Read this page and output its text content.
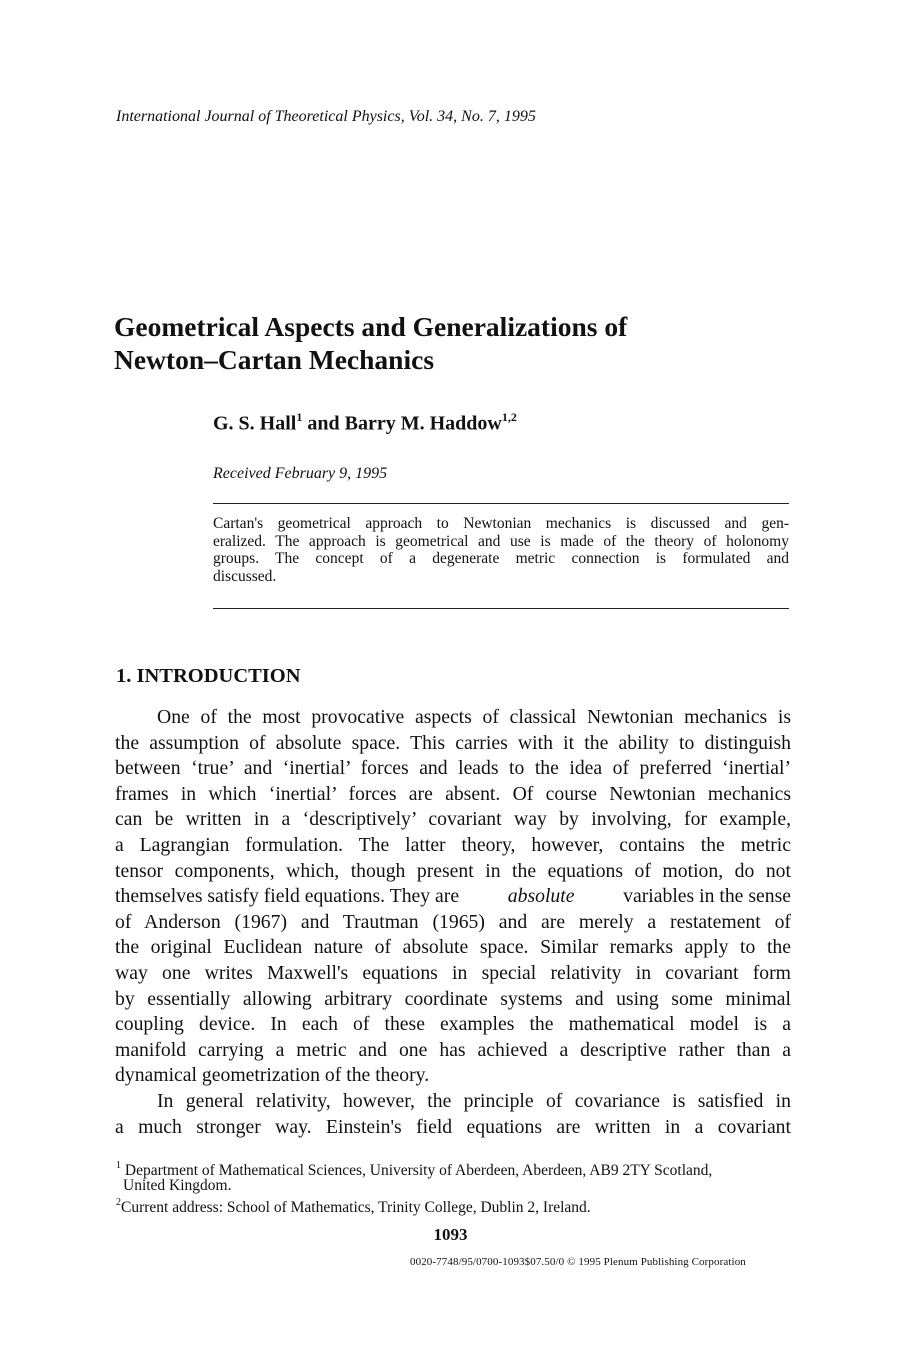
International Journal of Theoretical Physics, Vol. 34, No. 7, 1995
Geometrical Aspects and Generalizations of
Newton–Cartan Mechanics
G. S. Hall$^1$ and Barry M. Haddow$^{1,2}$
Received February 9, 1995
Cartan's geometrical approach to Newtonian mechanics is discussed and gen-
eralized. The approach is geometrical and use is made of the theory of holonomy
groups. The concept of a degenerate metric connection is formulated and
discussed.
1. INTRODUCTION
One of the most provocative aspects of classical Newtonian mechanics is
the assumption of absolute space. This carries with it the ability to distinguish
between ‘true’ and ‘inertial’ forces and leads to the idea of preferred ‘inertial’
frames in which ‘inertial’ forces are absent. Of course Newtonian mechanics
can be written in a ‘descriptively’ covariant way by involving, for example,
a Lagrangian formulation. The latter theory, however, contains the metric
tensor components, which, though present in the equations of motion, do not
themselves satisfy field equations. They are absolute variables in the sense
of Anderson (1967) and Trautman (1965) and are merely a restatement of
the original Euclidean nature of absolute space. Similar remarks apply to the
way one writes Maxwell's equations in special relativity in covariant form
by essentially allowing arbitrary coordinate systems and using some minimal
coupling device. In each of these examples the mathematical model is a
manifold carrying a metric and one has achieved a descriptive rather than a
dynamical geometrization of the theory.
In general relativity, however, the principle of covariance is satisfied in
a much stronger way. Einstein's field equations are written in a covariant
$^1$ Department of Mathematical Sciences, University of Aberdeen, Aberdeen, AB9 2TY Scotland,
United Kingdom.
$^2$Current address: School of Mathematics, Trinity College, Dublin 2, Ireland.
1093
0020-7748/95/0700-1093$07.50/0 © 1995 Plenum Publishing Corporation
